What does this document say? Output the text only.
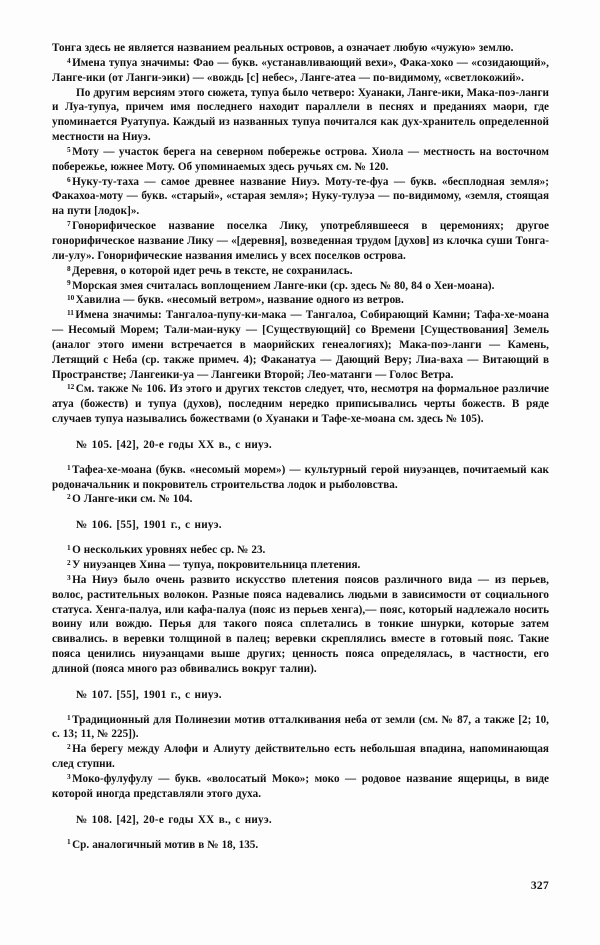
Тонга здесь не является названием реальных островов, а означает любую «чужую» землю.

$^4$Имена тупуа значимы: Фао — букв. «устанавливающий вехи», Фака-хоко — «созидающий», Ланге-ики (от Ланги-эики) — «вождь [с] небес», Ланге-атеа — по-видимому, «светлокожий».

По другим версиям этого сюжета, тупуа было четверо: Хуанаки, Ланге-ики, Мака-поэ-ланги и Луа-тупуа, причем имя последнего находит параллели в песнях и преданиях маори, где упоминается Руатупуа. Каждый из названных тупуа почитался как дух-хранитель определенной местности на Ниуэ.

$^5$Моту — участок берега на северном побережье острова. Хиола — местность на восточном побережье, южнее Моту. Об упоминаемых здесь ручьях см. № 120.

$^6$Нуку-ту-таха — самое древнее название Ниуэ. Моту-те-фуа — букв. «бесплодная земля»; Факахоа-моту — букв. «старый», «старая земля»; Нуку-тулуэа — по-видимому, «земля, стоящая на пути [лодок]».

$^7$Гонорифическое название поселка Лику, употреблявшееся в церемониях; другое гонорифическое название Лику — «[деревня], возведенная трудом [духов] из клочка суши Тонга-ли-улу». Гонорифические названия имелись у всех поселков острова.

$^8$Деревня, о которой идет речь в тексте, не сохранилась.

$^9$Морская змея считалась воплощением Ланге-ики (ср. здесь № 80, 84 о Хеи-моана).

$^{10}$Хавилиа — букв. «несомый ветром», название одного из ветров.

$^{11}$Имена значимы: Тангалоа-пупу-ки-мака — Тангалоа, Собирающий Камни; Тафа-хе-моана — Несомый Морем; Тали-маи-нуку — [Существующий] со Времени [Существования] Земель (аналог этого имени встречается в маорийских генеалогиях); Мака-поэ-ланги — Камень, Летящий с Неба (ср. также примеч. 4); Факанатуа — Дающий Веру; Лиа-ваха — Витающий в Пространстве; Лангеики-уа — Лангеики Второй; Лео-матанги — Голос Ветра.

$^{12}$См. также № 106. Из этого и других текстов следует, что, несмотря на формальное различие атуа (божеств) и тупуа (духов), последним нередко приписывались черты божеств. В ряде случаев тупуа назывались божествами (о Хуанаки и Тафе-хе-моана см. здесь № 105).

№ 105. [42], 20-е годы XX в., с ниуэ.

$^1$Тафеа-хе-моана (букв. «несомый морем») — культурный герой ниуэанцев, почитаемый как родоначальник и покровитель строительства лодок и рыболовства.

$^2$О Ланге-ики см. № 104.

№ 106. [55], 1901 г., с ниуэ.

$^1$О нескольких уровнях небес ср. № 23.

$^2$У ниуэанцев Хина — тупуа, покровительница плетения.

$^3$На Ниуэ было очень развито искусство плетения поясов различного вида — из перьев, волос, растительных волокон. Разные пояса надевались людьми в зависимости от социального статуса. Хенга-палуа, или кафа-палуа (пояс из перьев хенга),— пояс, который надлежало носить воину или вождю. Перья для такого пояса сплетались в тонкие шнурки, которые затем свивались. в веревки толщиной в палец; веревки скреплялись вместе в готовый пояс. Такие пояса ценились ниуэанцами выше других; ценность пояса определялась, в частности, его длиной (пояса много раз обвивались вокруг талии).

№ 107. [55], 1901 г., с ниуэ.

$^1$Традиционный для Полинезии мотив отталкивания неба от земли (см. № 87, а также [2; 10, с. 13; 11, № 225]).

$^2$На берегу между Алофи и Алиуту действительно есть небольшая впадина, напоминающая след ступни.

$^3$Моко-фулуфулу — букв. «волосатый Моко»; моко — родовое название ящерицы, в виде которой иногда представляли этого духа.

№ 108. [42], 20-е годы XX в., с ниуэ.

$^1$Ср. аналогичный мотив в № 18, 135.

327
